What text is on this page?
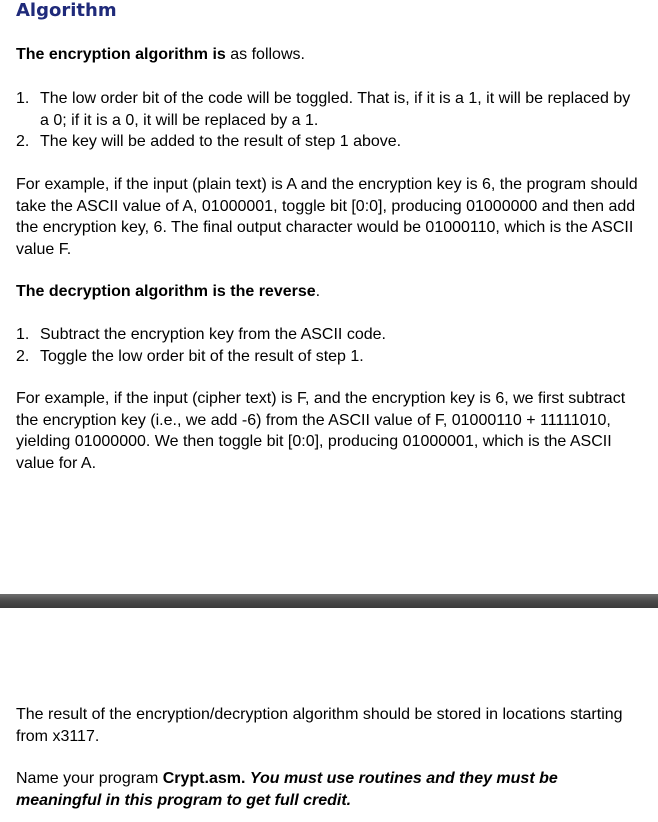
Algorithm
The encryption algorithm is as follows.
1. The low order bit of the code will be toggled. That is, if it is a 1, it will be replaced by a 0; if it is a 0, it will be replaced by a 1.
2. The key will be added to the result of step 1 above.
For example, if the input (plain text) is A and the encryption key is 6, the program should take the ASCII value of A, 01000001, toggle bit [0:0], producing 01000000 and then add the encryption key, 6. The final output character would be 01000110, which is the ASCII value F.
The decryption algorithm is the reverse.
1. Subtract the encryption key from the ASCII code.
2. Toggle the low order bit of the result of step 1.
For example, if the input (cipher text) is F, and the encryption key is 6, we first subtract the encryption key (i.e., we add -6) from the ASCII value of F, 01000110 + 11111010, yielding 01000000. We then toggle bit [0:0], producing 01000001, which is the ASCII value for A.
The result of the encryption/decryption algorithm should be stored in locations starting from x3117.
Name your program Crypt.asm. You must use routines and they must be meaningful in this program to get full credit.
